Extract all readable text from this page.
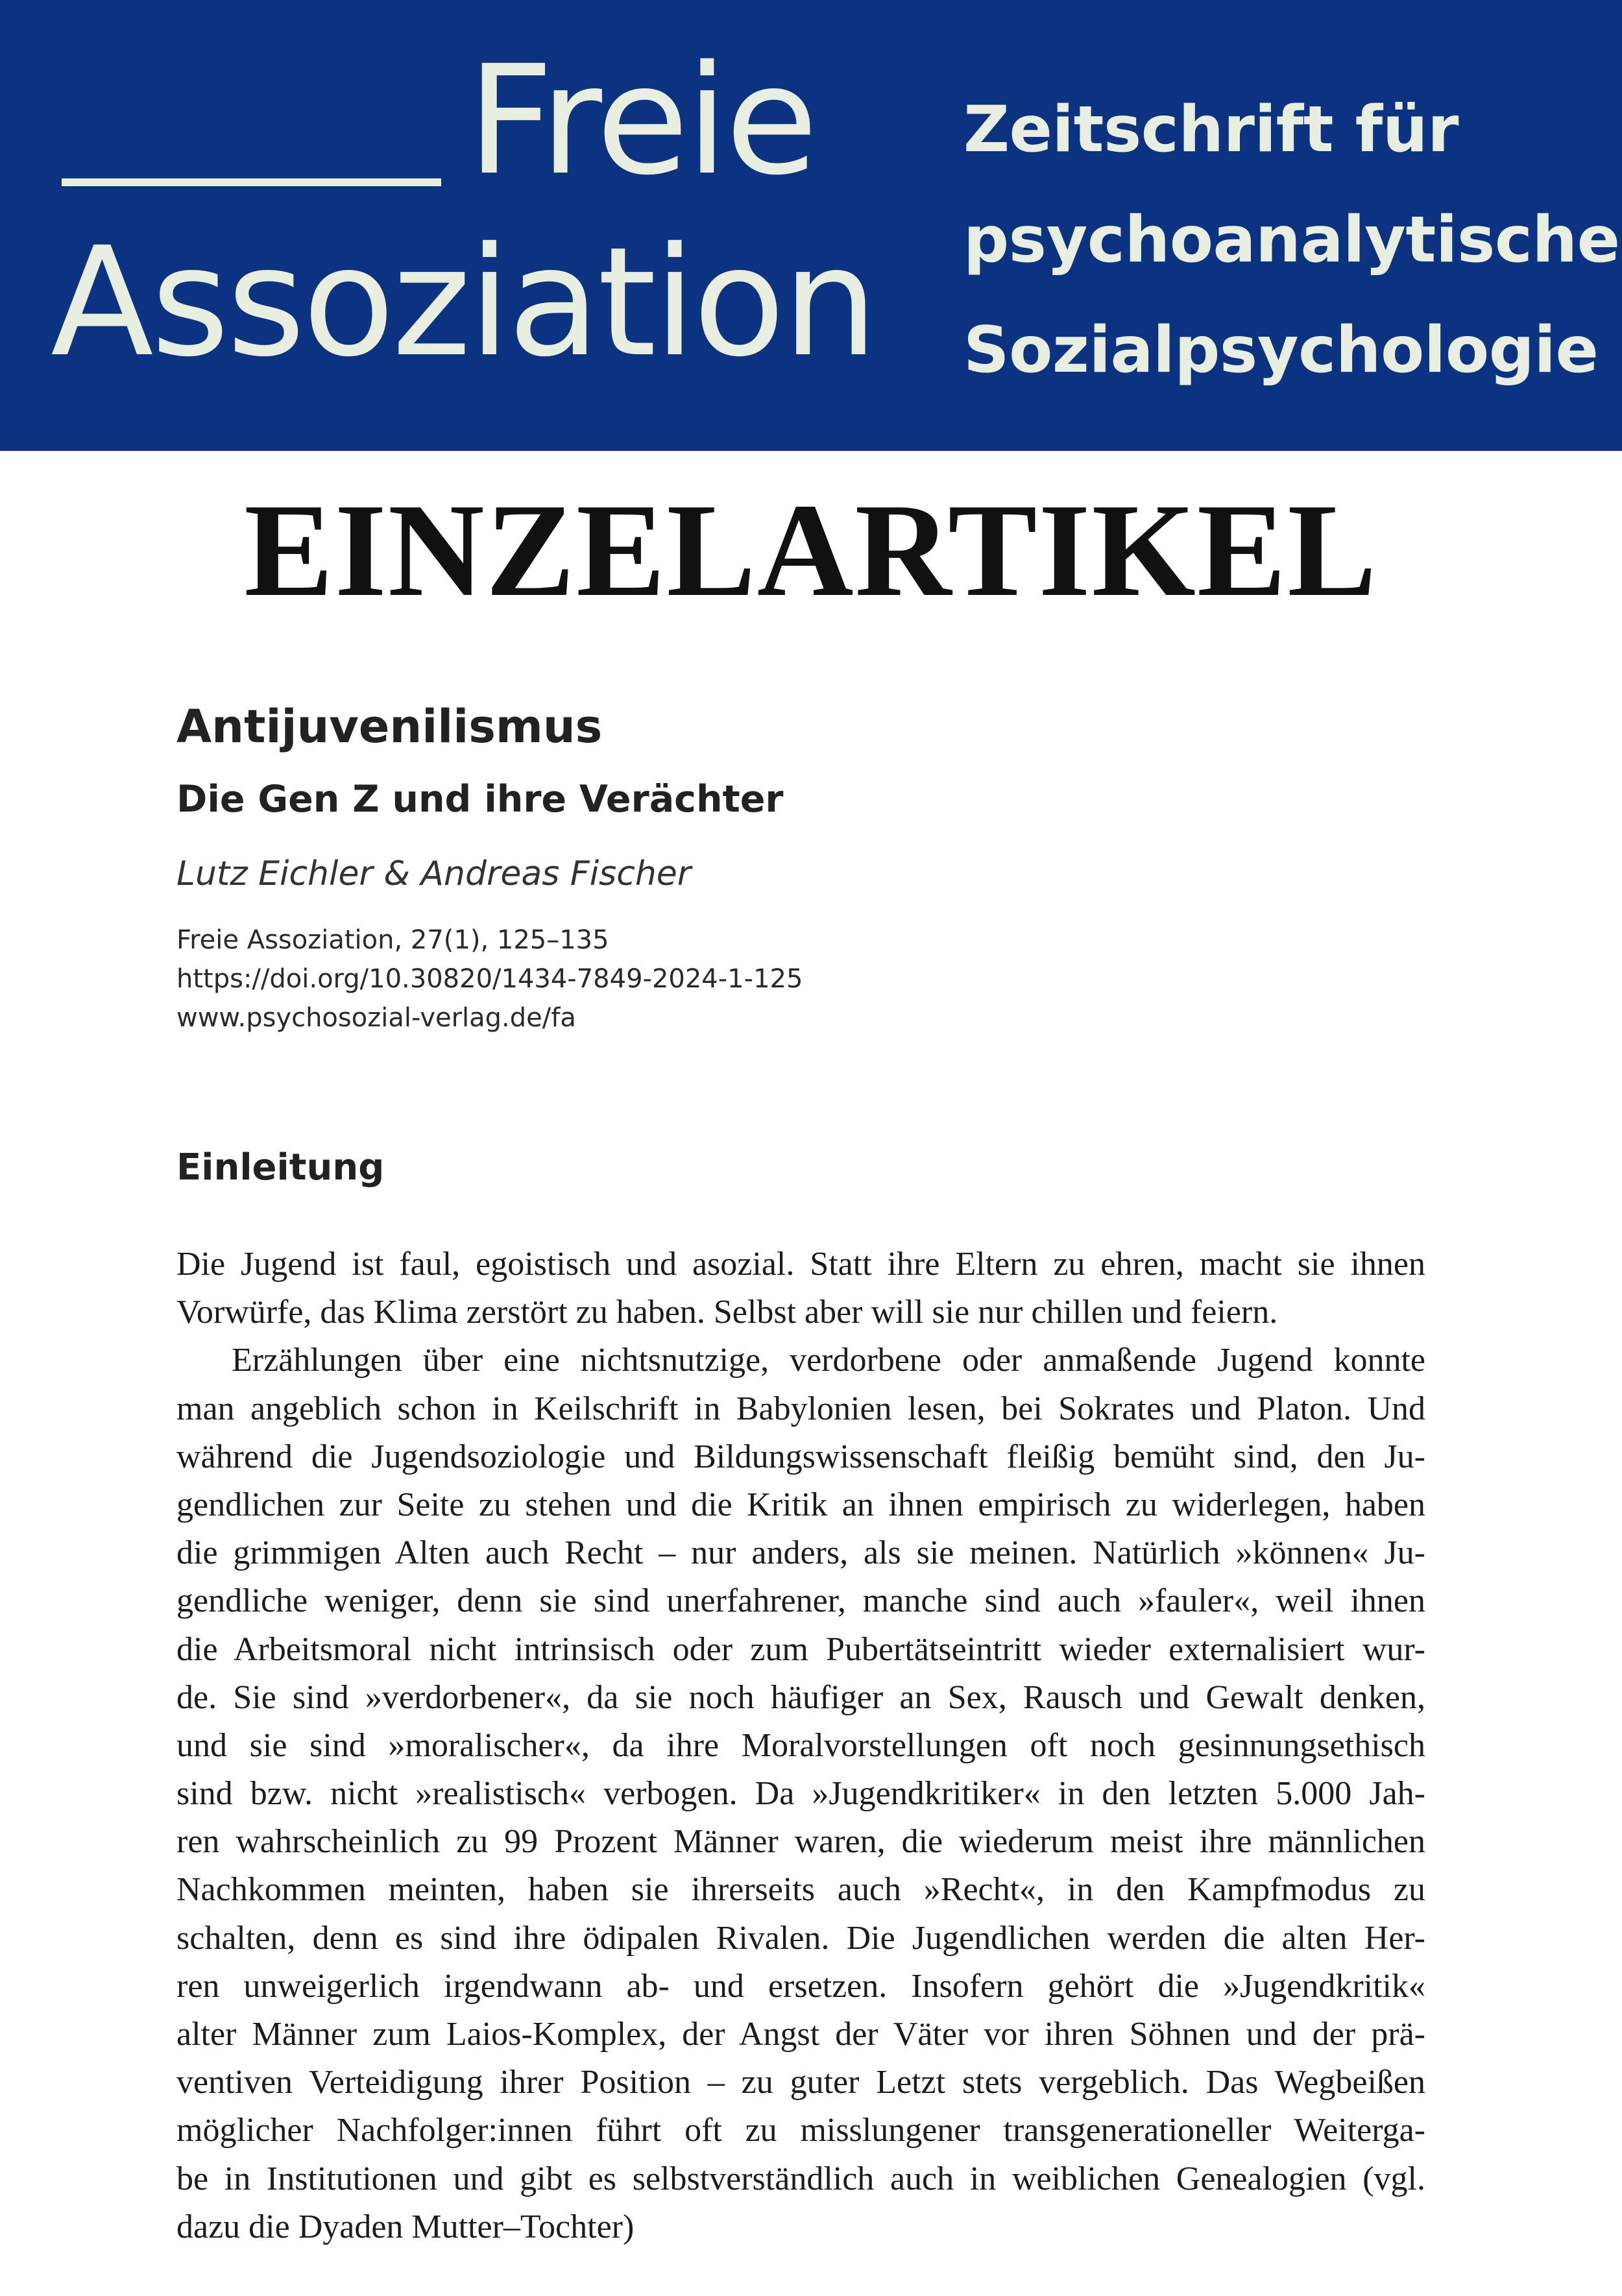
Freie
Assoziation
Zeitschrift für
psychoanalytische
Sozialpsychologie
EINZELARTIKEL
Antijuvenilismus
Die Gen Z und ihre Verächter
Lutz Eichler & Andreas Fischer
Freie Assoziation, 27(1), 125–135
https://doi.org/10.30820/1434-7849-2024-1-125
www.psychosozial-verlag.de/fa
Einleitung
Die Jugend ist faul, egoistisch und asozial. Statt ihre Eltern zu ehren, macht sie ihnen
Vorwürfe, das Klima zerstört zu haben. Selbst aber will sie nur chillen und feiern.
Erzählungen über eine nichtsnutzige, verdorbene oder anmaßende Jugend konnte
man angeblich schon in Keilschrift in Babylonien lesen, bei Sokrates und Platon. Und
während die Jugendsoziologie und Bildungswissenschaft fleißig bemüht sind, den Ju-
gendlichen zur Seite zu stehen und die Kritik an ihnen empirisch zu widerlegen, haben
die grimmigen Alten auch Recht – nur anders, als sie meinen. Natürlich »können« Ju-
gendliche weniger, denn sie sind unerfahrener, manche sind auch »fauler«, weil ihnen
die Arbeitsmoral nicht intrinsisch oder zum Pubertätseintritt wieder externalisiert wur-
de. Sie sind »verdorbener«, da sie noch häufiger an Sex, Rausch und Gewalt denken,
und sie sind »moralischer«, da ihre Moralvorstellungen oft noch gesinnungsethisch
sind bzw. nicht »realistisch« verbogen. Da »Jugendkritiker« in den letzten 5.000 Jah-
ren wahrscheinlich zu 99 Prozent Männer waren, die wiederum meist ihre männlichen
Nachkommen meinten, haben sie ihrerseits auch »Recht«, in den Kampfmodus zu
schalten, denn es sind ihre ödipalen Rivalen. Die Jugendlichen werden die alten Her-
ren unweigerlich irgendwann ab- und ersetzen. Insofern gehört die »Jugendkritik«
alter Männer zum Laios-Komplex, der Angst der Väter vor ihren Söhnen und der prä-
ventiven Verteidigung ihrer Position – zu guter Letzt stets vergeblich. Das Wegbeißen
möglicher Nachfolger:innen führt oft zu misslungener transgenerationeller Weiterga-
be in Institutionen und gibt es selbstverständlich auch in weiblichen Genealogien (vgl.
dazu die Dyaden Mutter–Tochter)
